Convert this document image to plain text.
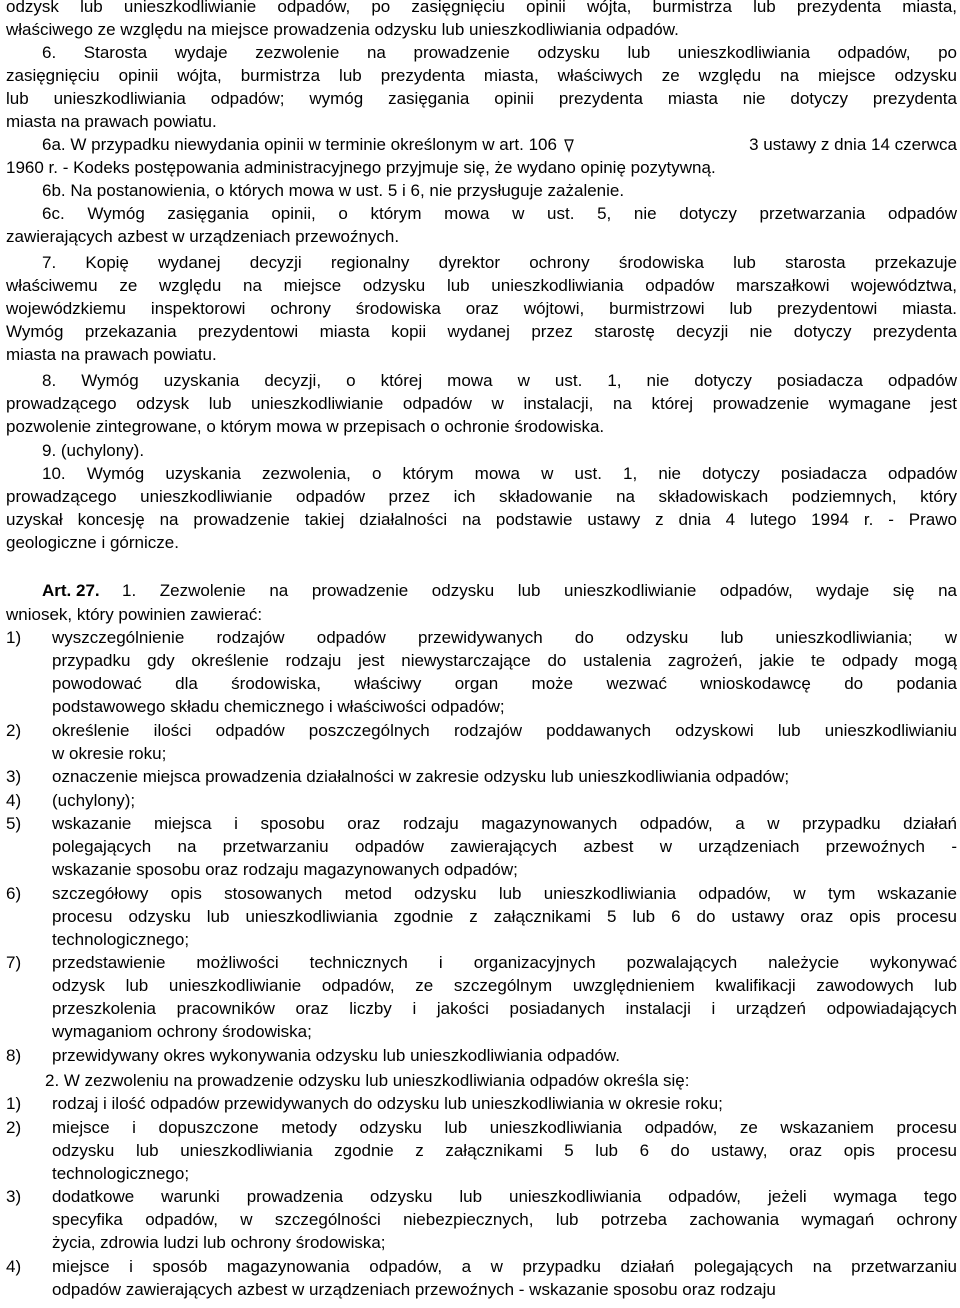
odzysk lub unieszkodliwianie odpadów, po zasięgnięciu opinii wójta, burmistrza lub prezydenta miasta,
właściwego ze względu na miejsce prowadzenia odzysku lub unieszkodliwiania odpadów.
6. Starosta wydaje zezwolenie na prowadzenie odzysku lub unieszkodliwiania odpadów, po
zasięgnięciu opinii wójta, burmistrza lub prezydenta miasta, właściwych ze względu na miejsce odzysku
lub unieszkodliwiania odpadów; wymóg zasięgania opinii prezydenta miasta nie dotyczy prezydenta
miasta na prawach powiatu.
6a. W przypadku niewydania opinii w terminie określonym w art. 106	3 ustawy z dnia 14 czerwca
1960 r. - Kodeks postępowania administracyjnego przyjmuje się, że wydano opinię pozytywną.
6b. Na postanowienia, o których mowa w ust. 5 i 6, nie przysługuje zażalenie.
6c. Wymóg zasięgania opinii, o którym mowa w ust. 5, nie dotyczy przetwarzania odpadów
zawierających azbest w urządzeniach przewoźnych.
7. Kopię wydanej decyzji regionalny dyrektor ochrony środowiska lub starosta przekazuje
właściwemu ze względu na miejsce odzysku lub unieszkodliwiania odpadów marszałkowi województwa,
wojewódzkiemu inspektorowi ochrony środowiska oraz wójtowi, burmistrzowi lub prezydentowi miasta.
Wymóg przekazania prezydentowi miasta kopii wydanej przez starostę decyzji nie dotyczy prezydenta
miasta na prawach powiatu.
8. Wymóg uzyskania decyzji, o której mowa w ust. 1, nie dotyczy posiadacza odpadów
prowadzącego odzysk lub unieszkodliwianie odpadów w instalacji, na której prowadzenie wymagane jest
pozwolenie zintegrowane, o którym mowa w przepisach o ochronie środowiska.
9. (uchylony).
10. Wymóg uzyskania zezwolenia, o którym mowa w ust. 1, nie dotyczy posiadacza odpadów
prowadzącego unieszkodliwianie odpadów przez ich składowanie na składowiskach podziemnych, który
uzyskał koncesję na prowadzenie takiej działalności na podstawie ustawy z dnia 4 lutego 1994 r. - Prawo
geologiczne i górnicze.
Art. 27.	1. Zezwolenie na prowadzenie odzysku lub unieszkodliwianie odpadów, wydaje się na
wniosek, który powinien zawierać:
1) wyszczególnienie rodzajów odpadów przewidywanych do odzysku lub unieszkodliwiania; w
przypadku gdy określenie rodzaju jest niewystarczające do ustalenia zagrożeń, jakie te odpady mogą
powodować dla środowiska, właściwy organ może wezwać wnioskodawcę do podania
podstawowego składu chemicznego i właściwości odpadów;
2) określenie ilości odpadów poszczególnych rodzajów poddawanych odzyskowi lub unieszkodliwianiu
w okresie roku;
3) oznaczenie miejsca prowadzenia działalności w zakresie odzysku lub unieszkodliwiania odpadów;
4) (uchylony);
5) wskazanie miejsca i sposobu oraz rodzaju magazynowanych odpadów, a w przypadku działań
polegających na przetwarzaniu odpadów zawierających azbest w urządzeniach przewoźnych -
wskazanie sposobu oraz rodzaju magazynowanych odpadów;
6) szczegółowy opis stosowanych metod odzysku lub unieszkodliwiania odpadów, w tym wskazanie
procesu odzysku lub unieszkodliwiania zgodnie z załącznikami 5 lub 6 do ustawy oraz opis procesu
technologicznego;
7) przedstawienie możliwości technicznych i organizacyjnych pozwalających należycie wykonywać
odzysk lub unieszkodliwianie odpadów, ze szczególnym uwzględnieniem kwalifikacji zawodowych lub
przeszkolenia pracowników oraz liczby i jakości posiadanych instalacji i urządzeń odpowiadających
wymaganiom ochrony środowiska;
8) przewidywany okres wykonywania odzysku lub unieszkodliwiania odpadów.
2. W zezwoleniu na prowadzenie odzysku lub unieszkodliwiania odpadów określa się:
1) rodzaj i ilość odpadów przewidywanych do odzysku lub unieszkodliwiania w okresie roku;
2) miejsce i dopuszczone metody odzysku lub unieszkodliwiania odpadów, ze wskazaniem procesu
odzysku lub unieszkodliwiania zgodnie z załącznikami 5 lub 6 do ustawy, oraz opis procesu
technologicznego;
3) dodatkowe warunki prowadzenia odzysku lub unieszkodliwiania odpadów, jeżeli wymaga tego
specyfika odpadów, w szczególności niebezpiecznych, lub potrzeba zachowania wymagań ochrony
życia, zdrowia ludzi lub ochrony środowiska;
4) miejsce i sposób magazynowania odpadów, a w przypadku działań polegających na przetwarzaniu
odpadów zawierających azbest w urządzeniach przewoźnych - wskazanie sposobu oraz rodzaju
